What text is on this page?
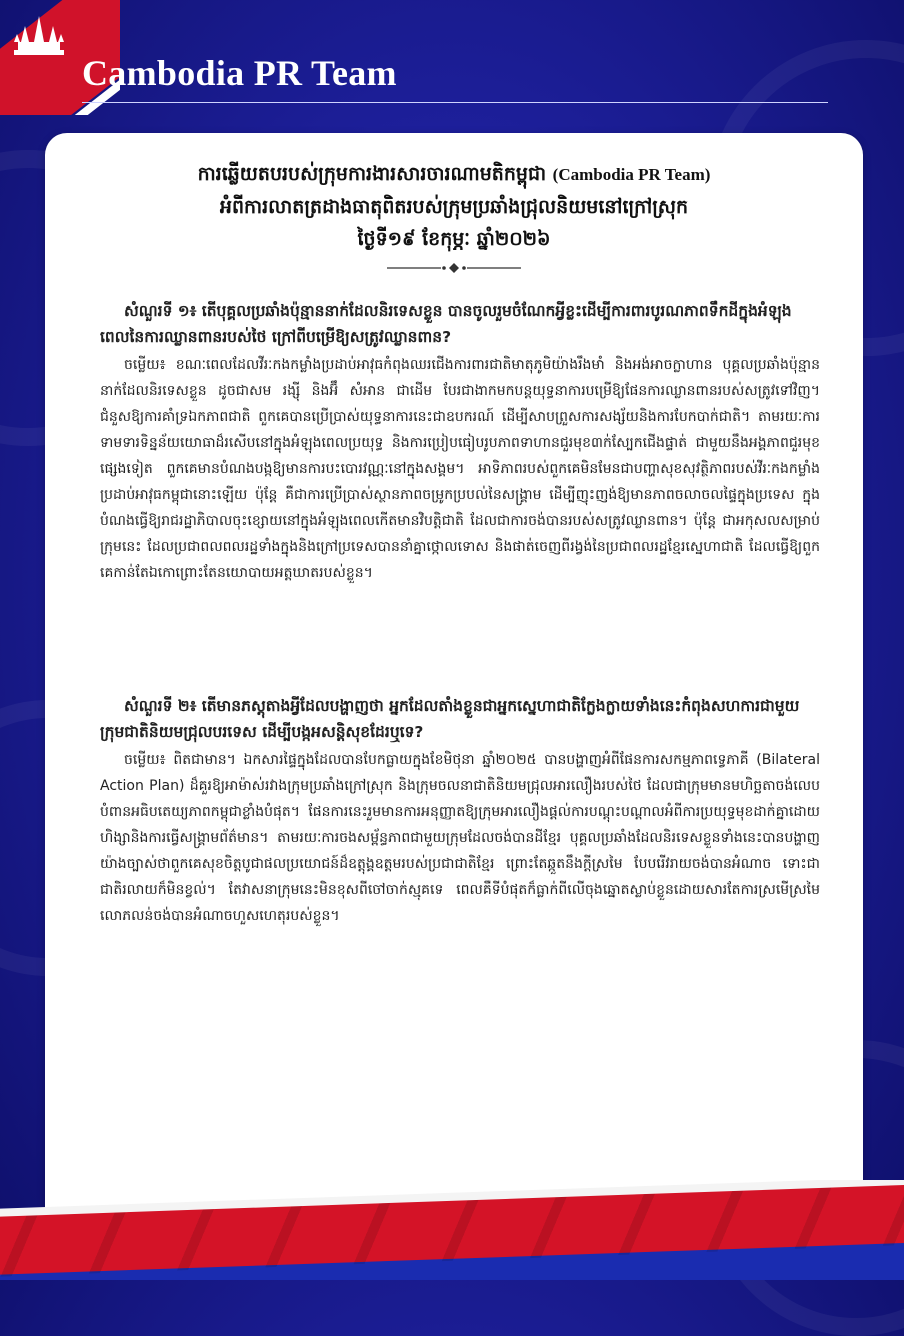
Cambodia PR Team
ការឆ្លើយតបរបស់ក្រុមការងារសារចារណាមតិកម្ពុជា (Cambodia PR Team)
អំពីការលាតត្រដាងធាតុពិតរបស់ក្រុមប្រឆាំងជ្រុលនិយមនៅក្រៅស្រុក
ថ្ងៃទី១៩ ខែកុម្ភៈ ឆ្នាំ២០២៦

សំណួរទី ១៖ តើបុគ្គលប្រឆាំងប៉ុន្មាននាក់ដែលនិរទេសខ្លួន បានចូលរួមចំណែកអ្វីខ្លះដើម្បីការពារបូរណភាពទឹកដីក្នុងអំឡុងពេលនៃការឈ្លានពានរបស់ថៃ ក្រៅពីបម្រើឱ្យសត្រូវឈ្លានពាន?

ចម្លើយ៖ ខណៈពេលដែលវីរៈកងកម្លាំងប្រដាប់អាវុធកំពុងឈរជើងការពារជាតិមាតុភូមិយ៉ាងរឹងមាំ និងអង់អាចក្លាហាន បុគ្គលប្រឆាំងប៉ុន្មាននាក់ដែលនិរទេសខ្លួន ដូចជាសម រង្ស៊ី និងអ៊ឹ សំអាន ជាដើម បែរជាងាកមកបន្តយុទ្ធនាការបម្រើឱ្យផែនការឈ្លានពានរបស់សត្រូវទៅវិញ។ ជំនួសឱ្យការគាំទ្រឯកភាពជាតិ ពួកគេបានប្រើប្រាស់យុទ្ធនាការនេះជាឧបករណ៍ ដើម្បីសាបព្រួសការសង្ស័យនិងការបែកបាក់ជាតិ។ តាមរយៈការទាមទារទិន្នន័យយោធាដ៏រសើបនៅក្នុងអំឡុងពេលប្រយុទ្ធ និងការប្រៀបធៀបរូបភាពទាហានជួរមុខ៣ក់ស្បែកជើងផ្ទាត់ ជាមួយនឹងអង្គភាពជួរមុខផ្សេងទៀត ពួកគេមានបំណងបង្កឱ្យមានការបះបោរវណ្ណៈនៅក្នុងសង្គម។ អាទិភាពរបស់ពួកគេមិនមែនជាបញ្ហាសុខសុវត្ថិភាពរបស់វីរៈកងកម្លាំងប្រដាប់អាវុធកម្ពុជានោះឡើយ ប៉ុន្តែ គឺជាការប្រើប្រាស់ស្ថានភាពចម្រូកប្របល់នៃសង្គ្រាម ដើម្បីញុះញង់ឱ្យមានភាពចលាចលផ្ទៃក្នុងប្រទេស ក្នុងបំណងធ្វើឱ្យរាជរដ្ឋាភិបាលចុះខ្សោយនៅក្នុងអំឡុងពេលកើតមានវិបត្តិជាតិ ដែលជាការចង់បានរបស់សត្រូវឈ្លានពាន។ ប៉ុន្តែ ជាអកុសលសម្រាប់ក្រុមនេះ ដែលប្រជាពលពលរដ្ឋទាំងក្នុងនិងក្រៅប្រទេសបាននាំគ្នាថ្កោលទោស និងផាត់ចេញពីរង្វង់នៃប្រជាពលរដ្ឋខ្មែរស្នេហាជាតិ ដែលធ្វើឱ្យពួកគេកាន់តែឯកោព្រោះតែនយោបាយអត្តឃាតរបស់ខ្លួន។

សំណួរទី ២៖ តើមានភស្តុតាងអ្វីដែលបង្ហាញថា អ្នកដែលតាំងខ្លួនជាអ្នកស្នេហាជាតិក្លែងក្លាយទាំងនេះកំពុងសហការជាមួយក្រុមជាតិនិយមជ្រុលបរទេស ដើម្បីបង្កអសន្តិសុខដែរឬទេ?

ចម្លើយ៖ ពិតជាមាន។ ឯកសារផ្ទៃក្នុងដែលបានបែកធ្លាយក្នុងខែមិថុនា ឆ្នាំ២០២៥ បានបង្ហាញអំពីផែនការសកម្មភាពទ្វេភាគី (Bilateral Action Plan) ដ៏គួរឱ្យអាម៉ាស់រវាងក្រុមប្រឆាំងក្រៅស្រុក និងក្រុមចលនាជាតិនិយមជ្រុលអារលឿងរបស់ថៃ ដែលជាក្រុមមានមហិច្ឆតាចង់លេបបំពានអធិបតេយ្យភាពកម្ពុជាខ្លាំងបំផុត។ ផែនការនេះរួមមានការអនុញ្ញាតឱ្យក្រុមអារលឿងផ្តល់ការបណ្តុះបណ្តាលអំពីការប្រយុទ្ធមុខដាក់គ្នាដោយហិង្សានិងការធ្វើសង្គ្រាមព័ត៌មាន។ តាមរយៈការចងសម្ព័ន្ធភាពជាមួយក្រុមដែលចង់បានដីខ្មែរ បុគ្គលប្រឆាំងដែលនិរទេសខ្លួនទាំងនេះបានបង្ហាញយ៉ាងច្បាស់ថាពួកគេសុខចិត្តបូជាផលប្រយោជន៍ដ៏ឧត្តុង្គឧត្តមរបស់ប្រជាជាតិខ្មែរ ព្រោះតែឆ្កួតនឹងក្តីស្រមៃ បែបរើវរាយចង់បានអំណាច ទោះជាជាតិរលាយក៏មិនខ្វល់។ តែវាសនាក្រុមនេះមិនខុសពីចៅចាក់ស្មុគទេ ពេលគឺទីបំផុតក៏ធ្លាក់ពីលើចុងឆ្នោតស្លាប់ខ្លួនដោយសារតែការស្រមើស្រមៃ លោភលន់ចង់បានអំណាចហួសហេតុរបស់ខ្លួន។
